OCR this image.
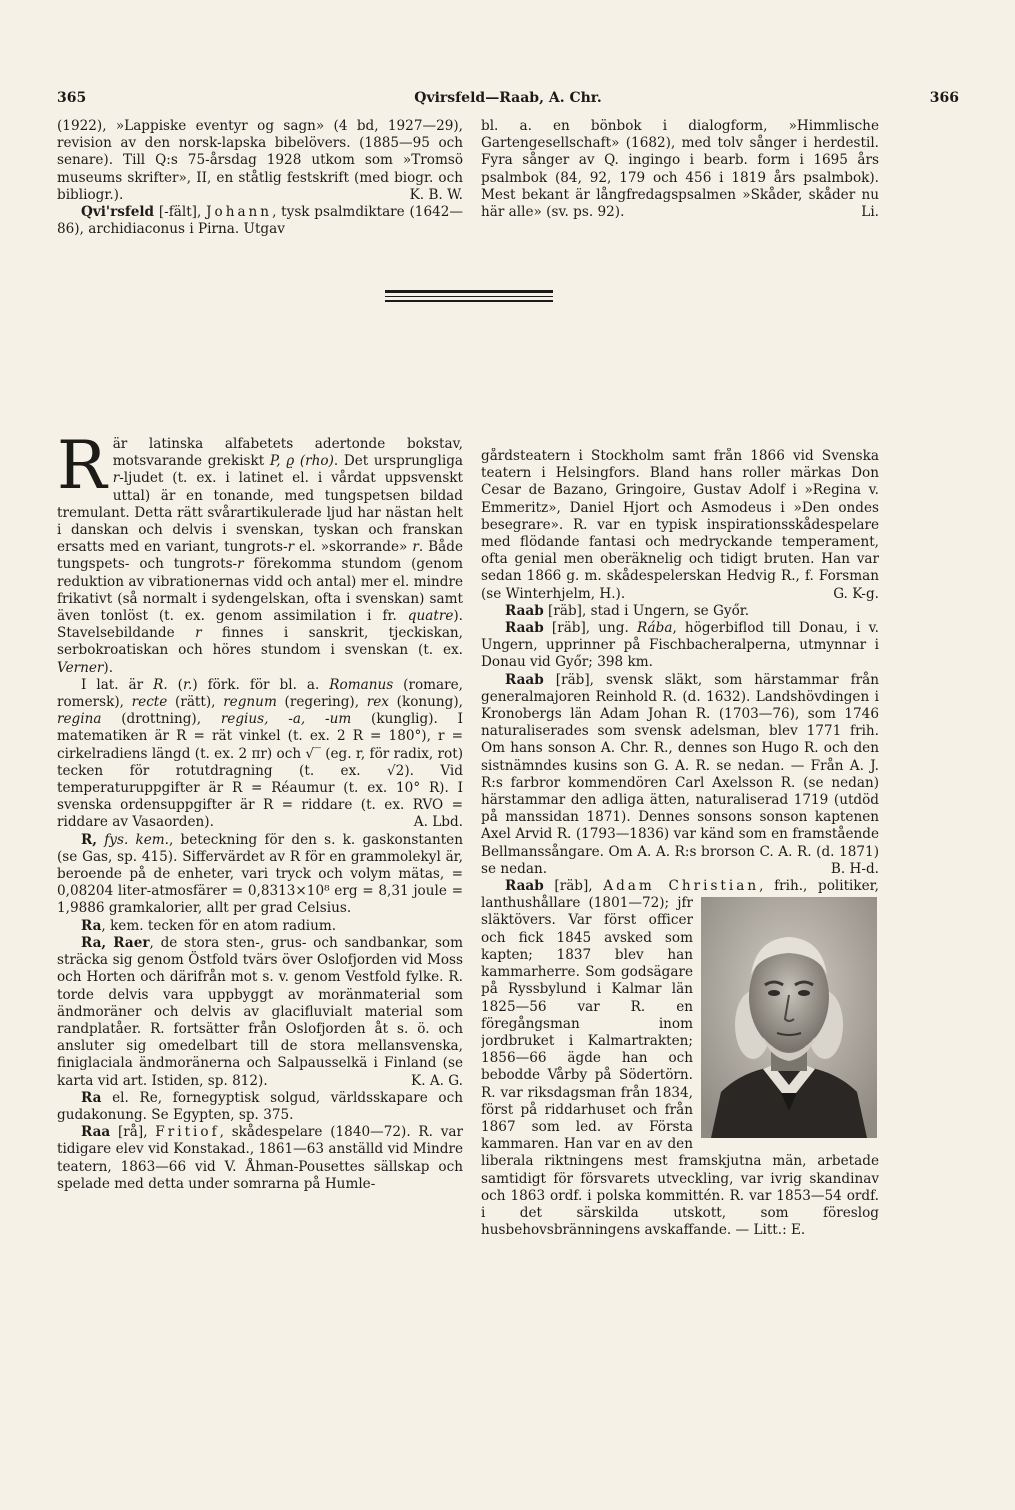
365	Qvirsfeld—Raab, A. Chr.	366

(1922), »Lappiske eventyr og sagn» (4 bd, 1927—29), revision av den norsk-lapska bibelövers. (1885—95 och senare). Till Q:s 75-årsdag 1928 utkom som »Tromsö museums skrifter», II, en ståtlig festskrift (med biogr. och bibliogr.).	K. B. W.

Qvi'rsfeld [-fält], Johann, tysk psalmdiktare (1642—86), archidiaconus i Pirna. Utgav

bl. a. en bönbok i dialogform, »Himmlische Gartengesellschaft» (1682), med tolv sånger i herdestil. Fyra sånger av Q. ingingo i bearb. form i 1695 års psalmbok (84, 92, 179 och 456 i 1819 års psalmbok). Mest bekant är långfredagspsalmen »Skåder, skåder nu här alle» (sv. ps. 92).	Li.

Rär latinska alfabetets adertonde bokstav, motsvarande grekiskt P, ϱ (rho). Det ursprungliga r-ljudet (t. ex. i latinet el. i vårdat uppsvenskt uttal) är en tonande, med tungspetsen bildad tremulant. Detta rätt svårartikulerade ljud har nästan helt i danskan och delvis i svenskan, tyskan och franskan ersatts med en variant, tungrots-r el. »skorrande» r. Både tungspets- och tungrots-r förekomma stundom (genom reduktion av vibrationernas vidd och antal) mer el. mindre frikativt (så normalt i sydengelskan, ofta i svenskan) samt även tonlöst (t. ex. genom assimilation i fr. quatre). Stavelsebildande r finnes i sanskrit, tjeckiskan, serbokroatiskan och höres stundom i svenskan (t. ex. Verner).

I lat. är R. (r.) förk. för bl. a. Romanus (romare, romersk), recte (rätt), regnum (regering), rex (konung), regina (drottning), regius, -a, -um (kunglig). I matematiken är R = rät vinkel (t. ex. 2 R = 180°), r = cirkelradiens längd (t. ex. 2 πr) och √‾ (eg. r, för radix, rot) tecken för rotutdragning (t. ex. √2). Vid temperaturuppgifter är R = Réaumur (t. ex. 10° R). I svenska ordensuppgifter är R = riddare (t. ex. RVO = riddare av Vasaorden).	A. Lbd.

R, fys. kem., beteckning för den s. k. gaskonstanten (se Gas, sp. 415). Siffervärdet av R för en grammolekyl är, beroende på de enheter, vari tryck och volym mätas, = 0,08204 liter-atmosfärer = 0,8313×10⁸ erg = 8,31 joule = 1,9886 gramkalorier, allt per grad Celsius.

Ra, kem. tecken för en atom radium.

Ra, Raer, de stora sten-, grus- och sandbankar, som sträcka sig genom Östfold tvärs över Oslofjorden vid Moss och Horten och därifrån mot s. v. genom Vestfold fylke. R. torde delvis vara uppbyggt av moränmaterial som ändmoräner och delvis av glacifluvialt material som randplatåer. R. fortsätter från Oslofjorden åt s. ö. och ansluter sig omedelbart till de stora mellansvenska, finiglaciala ändmoränerna och Salpausselkä i Finland (se karta vid art. Istiden, sp. 812).	K. A. G.

Ra el. Re, fornegyptisk solgud, världsskapare och gudakonung. Se Egypten, sp. 375.

Raa [rå], Fritiof, skådespelare (1840—72). R. var tidigare elev vid Konstakad., 1861—63 anställd vid Mindre teatern, 1863—66 vid V. Åhman-Pousettes sällskap och spelade med detta under somrarna på Humle-

gårdsteatern i Stockholm samt från 1866 vid Svenska teatern i Helsingfors. Bland hans roller märkas Don Cesar de Bazano, Gringoire, Gustav Adolf i »Regina v. Emmeritz», Daniel Hjort och Asmodeus i »Den ondes besegrare». R. var en typisk inspirationsskådespelare med flödande fantasi och medryckande temperament, ofta genial men oberäknelig och tidigt bruten. Han var sedan 1866 g. m. skådespelerskan Hedvig R., f. Forsman (se Winterhjelm, H.).	G. K-g.

Raab [räb], stad i Ungern, se Győr.

Raab [räb], ung. Rába, högerbiflod till Donau, i v. Ungern, upprinner på Fischbacheralperna, utmynnar i Donau vid Győr; 398 km.

Raab [räb], svensk släkt, som härstammar från generalmajoren Reinhold R. (d. 1632). Landshövdingen i Kronobergs län Adam Johan R. (1703—76), som 1746 naturaliserades som svensk adelsman, blev 1771 frih. Om hans sonson A. Chr. R., dennes son Hugo R. och den sistnämndes kusins son G. A. R. se nedan. — Från A. J. R:s farbror kommendören Carl Axelsson R. (se nedan) härstammar den adliga ätten, naturaliserad 1719 (utdöd på manssidan 1871). Dennes sonsons sonson kaptenen Axel Arvid R. (1793—1836) var känd som en framstående Bellmanssångare. Om A. A. R:s brorson C. A. R. (d. 1871) se nedan.	B. H-d.

Raab [räb], Adam Christian
, frih., politiker, lanthushållare (1801—72); jfr släktövers. Var först officer och fick 1845 avsked som kapten; 1837 blev han kammarherre. Som godsägare på Ryssbylund i Kalmar län 1825—56 var R. en föregångsman inom jordbruket i Kalmartrakten; 1856—66 ägde han och bebodde Vårby på Södertörn. R. var riksdagsman från 1834, först på riddarhuset och från 1867 som led. av Första kammaren. Han var en av den liberala riktningens mest framskjutna män, arbetade samtidigt för försvarets utveckling, var ivrig skandinav och 1863 ordf. i polska kommittén. R. var 1853—54 ordf. i det särskilda utskott, som föreslog husbehovsbränningens avskaffande. — Litt.: E.
